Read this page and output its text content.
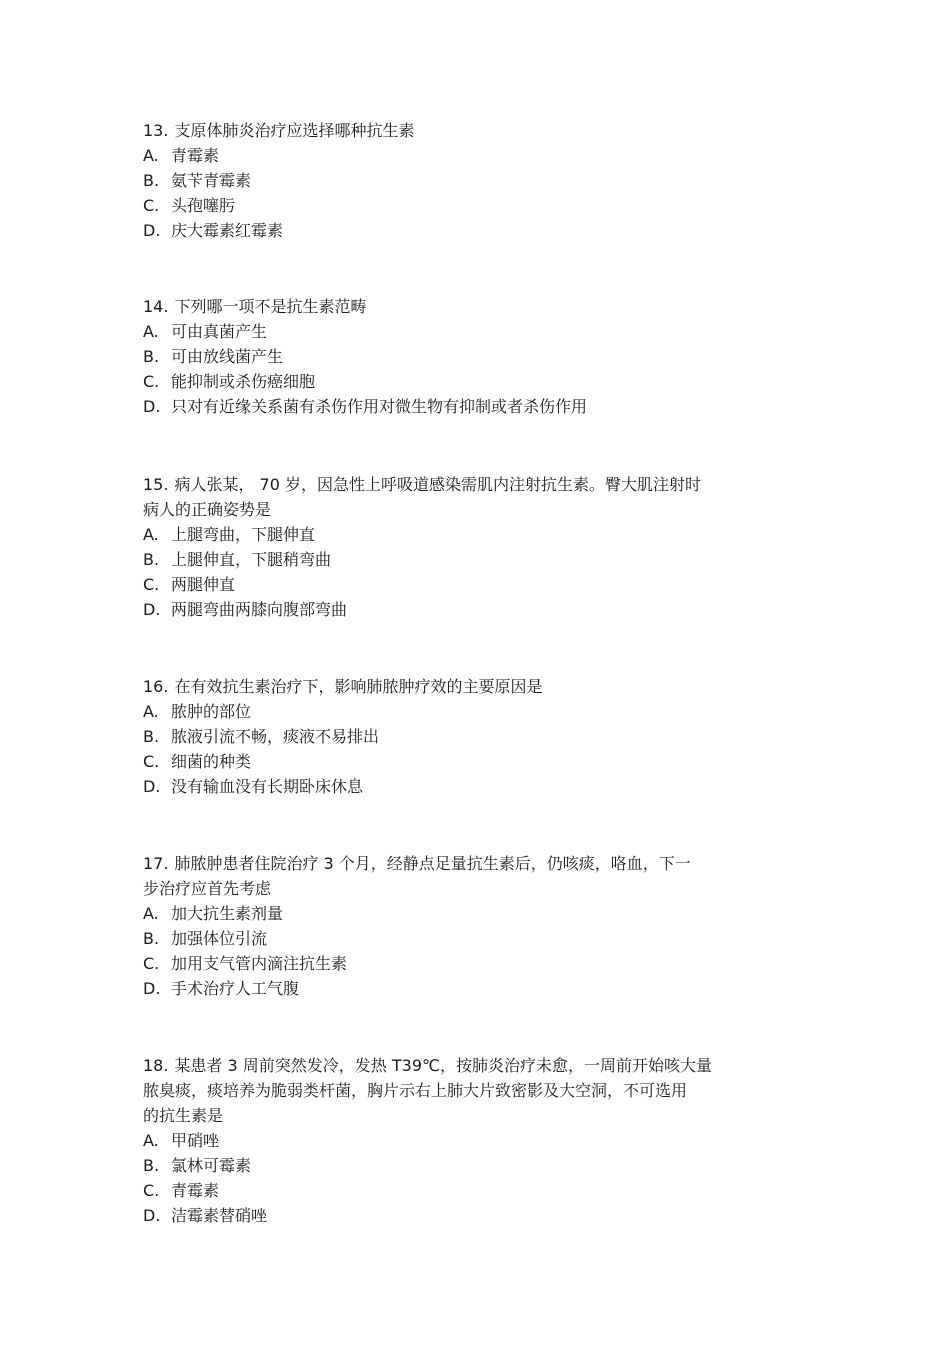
13. 支原体肺炎治疗应选择哪种抗生素
A. 青霉素
B. 氨苄青霉素
C. 头孢噻肟
D. 庆大霉素红霉素
14. 下列哪一项不是抗生素范畴
A. 可由真菌产生
B. 可由放线菌产生
C. 能抑制或杀伤癌细胞
D. 只对有近缘关系菌有杀伤作用对微生物有抑制或者杀伤作用
15. 病人张某， 70 岁，因急性上呼吸道感染需肌内注射抗生素。臀大肌注射时
病人的正确姿势是
A. 上腿弯曲，下腿伸直
B. 上腿伸直，下腿稍弯曲
C. 两腿伸直
D. 两腿弯曲两膝向腹部弯曲
16. 在有效抗生素治疗下，影响肺脓肿疗效的主要原因是
A. 脓肿的部位
B. 脓液引流不畅，痰液不易排出
C. 细菌的种类
D. 没有输血没有长期卧床休息
17. 肺脓肿患者住院治疗 3 个月，经静点足量抗生素后，仍咳痰，咯血，下一
步治疗应首先考虑
A. 加大抗生素剂量
B. 加强体位引流
C. 加用支气管内滴注抗生素
D. 手术治疗人工气腹
18. 某患者 3 周前突然发冷，发热 T39℃，按肺炎治疗未愈，一周前开始咳大量
脓臭痰，痰培养为脆弱类杆菌，胸片示右上肺大片致密影及大空洞，不可选用
的抗生素是
A. 甲硝唑
B. 氯林可霉素
C. 青霉素
D. 洁霉素替硝唑
